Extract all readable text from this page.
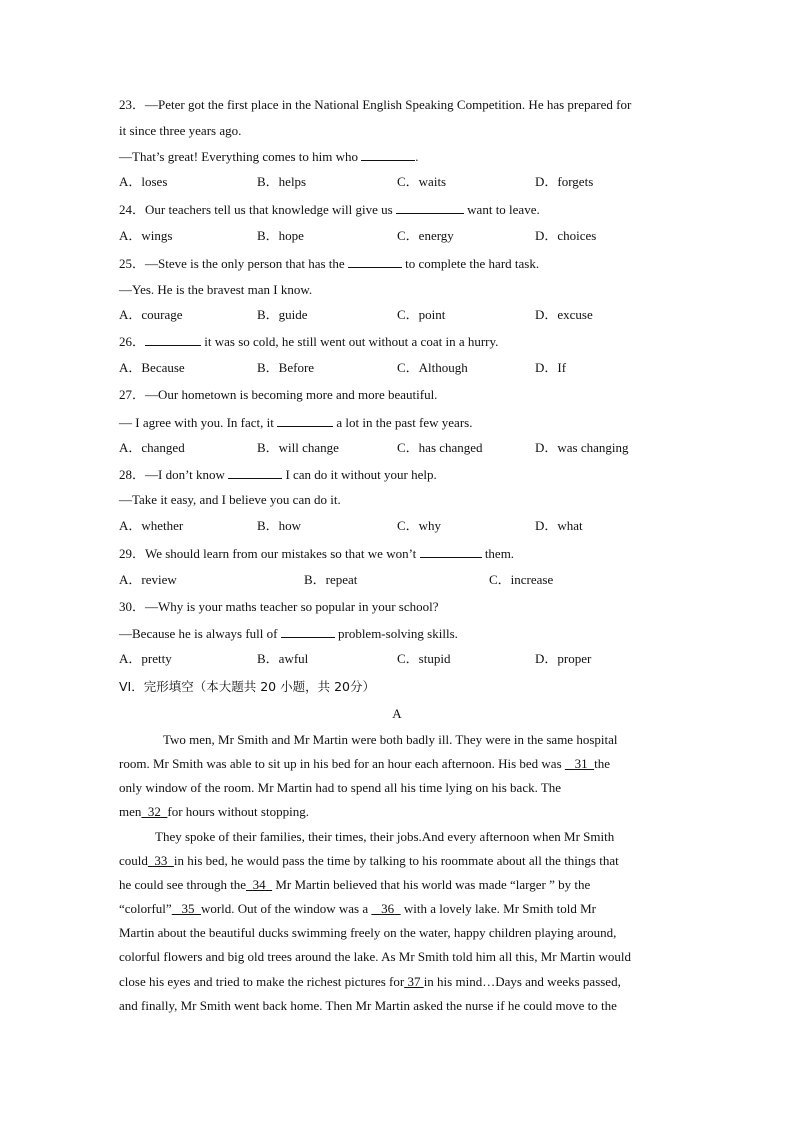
23．—Peter got the first place in the National English Speaking Competition. He has prepared for
it since three years ago.
—That’s great! Everything comes to him who	.
A．loses	B．helps	C．waits	D．forgets
24．Our teachers tell us that knowledge will give us	want to leave.
A．wings	B．hope	C．energy	D．choices
25．—Steve is the only person that has the	to complete the hard task.
—Yes. He is the bravest man I know.
A．courage	B．guide	C．point	D．excuse
26．	it was so cold, he still went out without a coat in a hurry.
A．Because	B．Before	C．Although	D．If
27．—Our hometown is becoming more and more beautiful.
— I agree with you. In fact, it	a lot in the past few years.
A．changed	B．will change	C．has changed	D．was changing
28．—I don’t know	I can do it without your help.
—Take it easy, and I believe you can do it.
A．whether	B．how	C．why	D．what
29．We should learn from our mistakes so that we won’t	them.
A．review	B．repeat	C．increase
30．—Why is your maths teacher so popular in your school?
—Because he is always full of	problem-solving skills.
A．pretty	B．awful	C．stupid	D．proper
VI．完形填空（本大题共 20 小题，共 20分）
A
Two men, Mr Smith and Mr Martin were both badly ill. They were in the same hospital
room. Mr Smith was able to sit up in his bed for an hour each afternoon. His bed was 31 the
only window of the room. Mr Martin had to spend all his time lying on his back. The
men 32 for hours without stopping.
They spoke of their families, their times, their jobs.And every afternoon when Mr Smith
could 33 in his bed, he would pass the time by talking to his roommate about all the things that
he could see through the 34 Mr Martin believed that his world was made “larger ” by the
“colorful” 35 world. Out of the window was a 36 with a lovely lake. Mr Smith told Mr
Martin about the beautiful ducks swimming freely on the water, happy children playing around,
colorful flowers and big old trees around the lake. As Mr Smith told him all this, Mr Martin would
close his eyes and tried to make the richest pictures for 37 in his mind…Days and weeks passed,
and finally, Mr Smith went back home. Then Mr Martin asked the nurse if he could move to the
